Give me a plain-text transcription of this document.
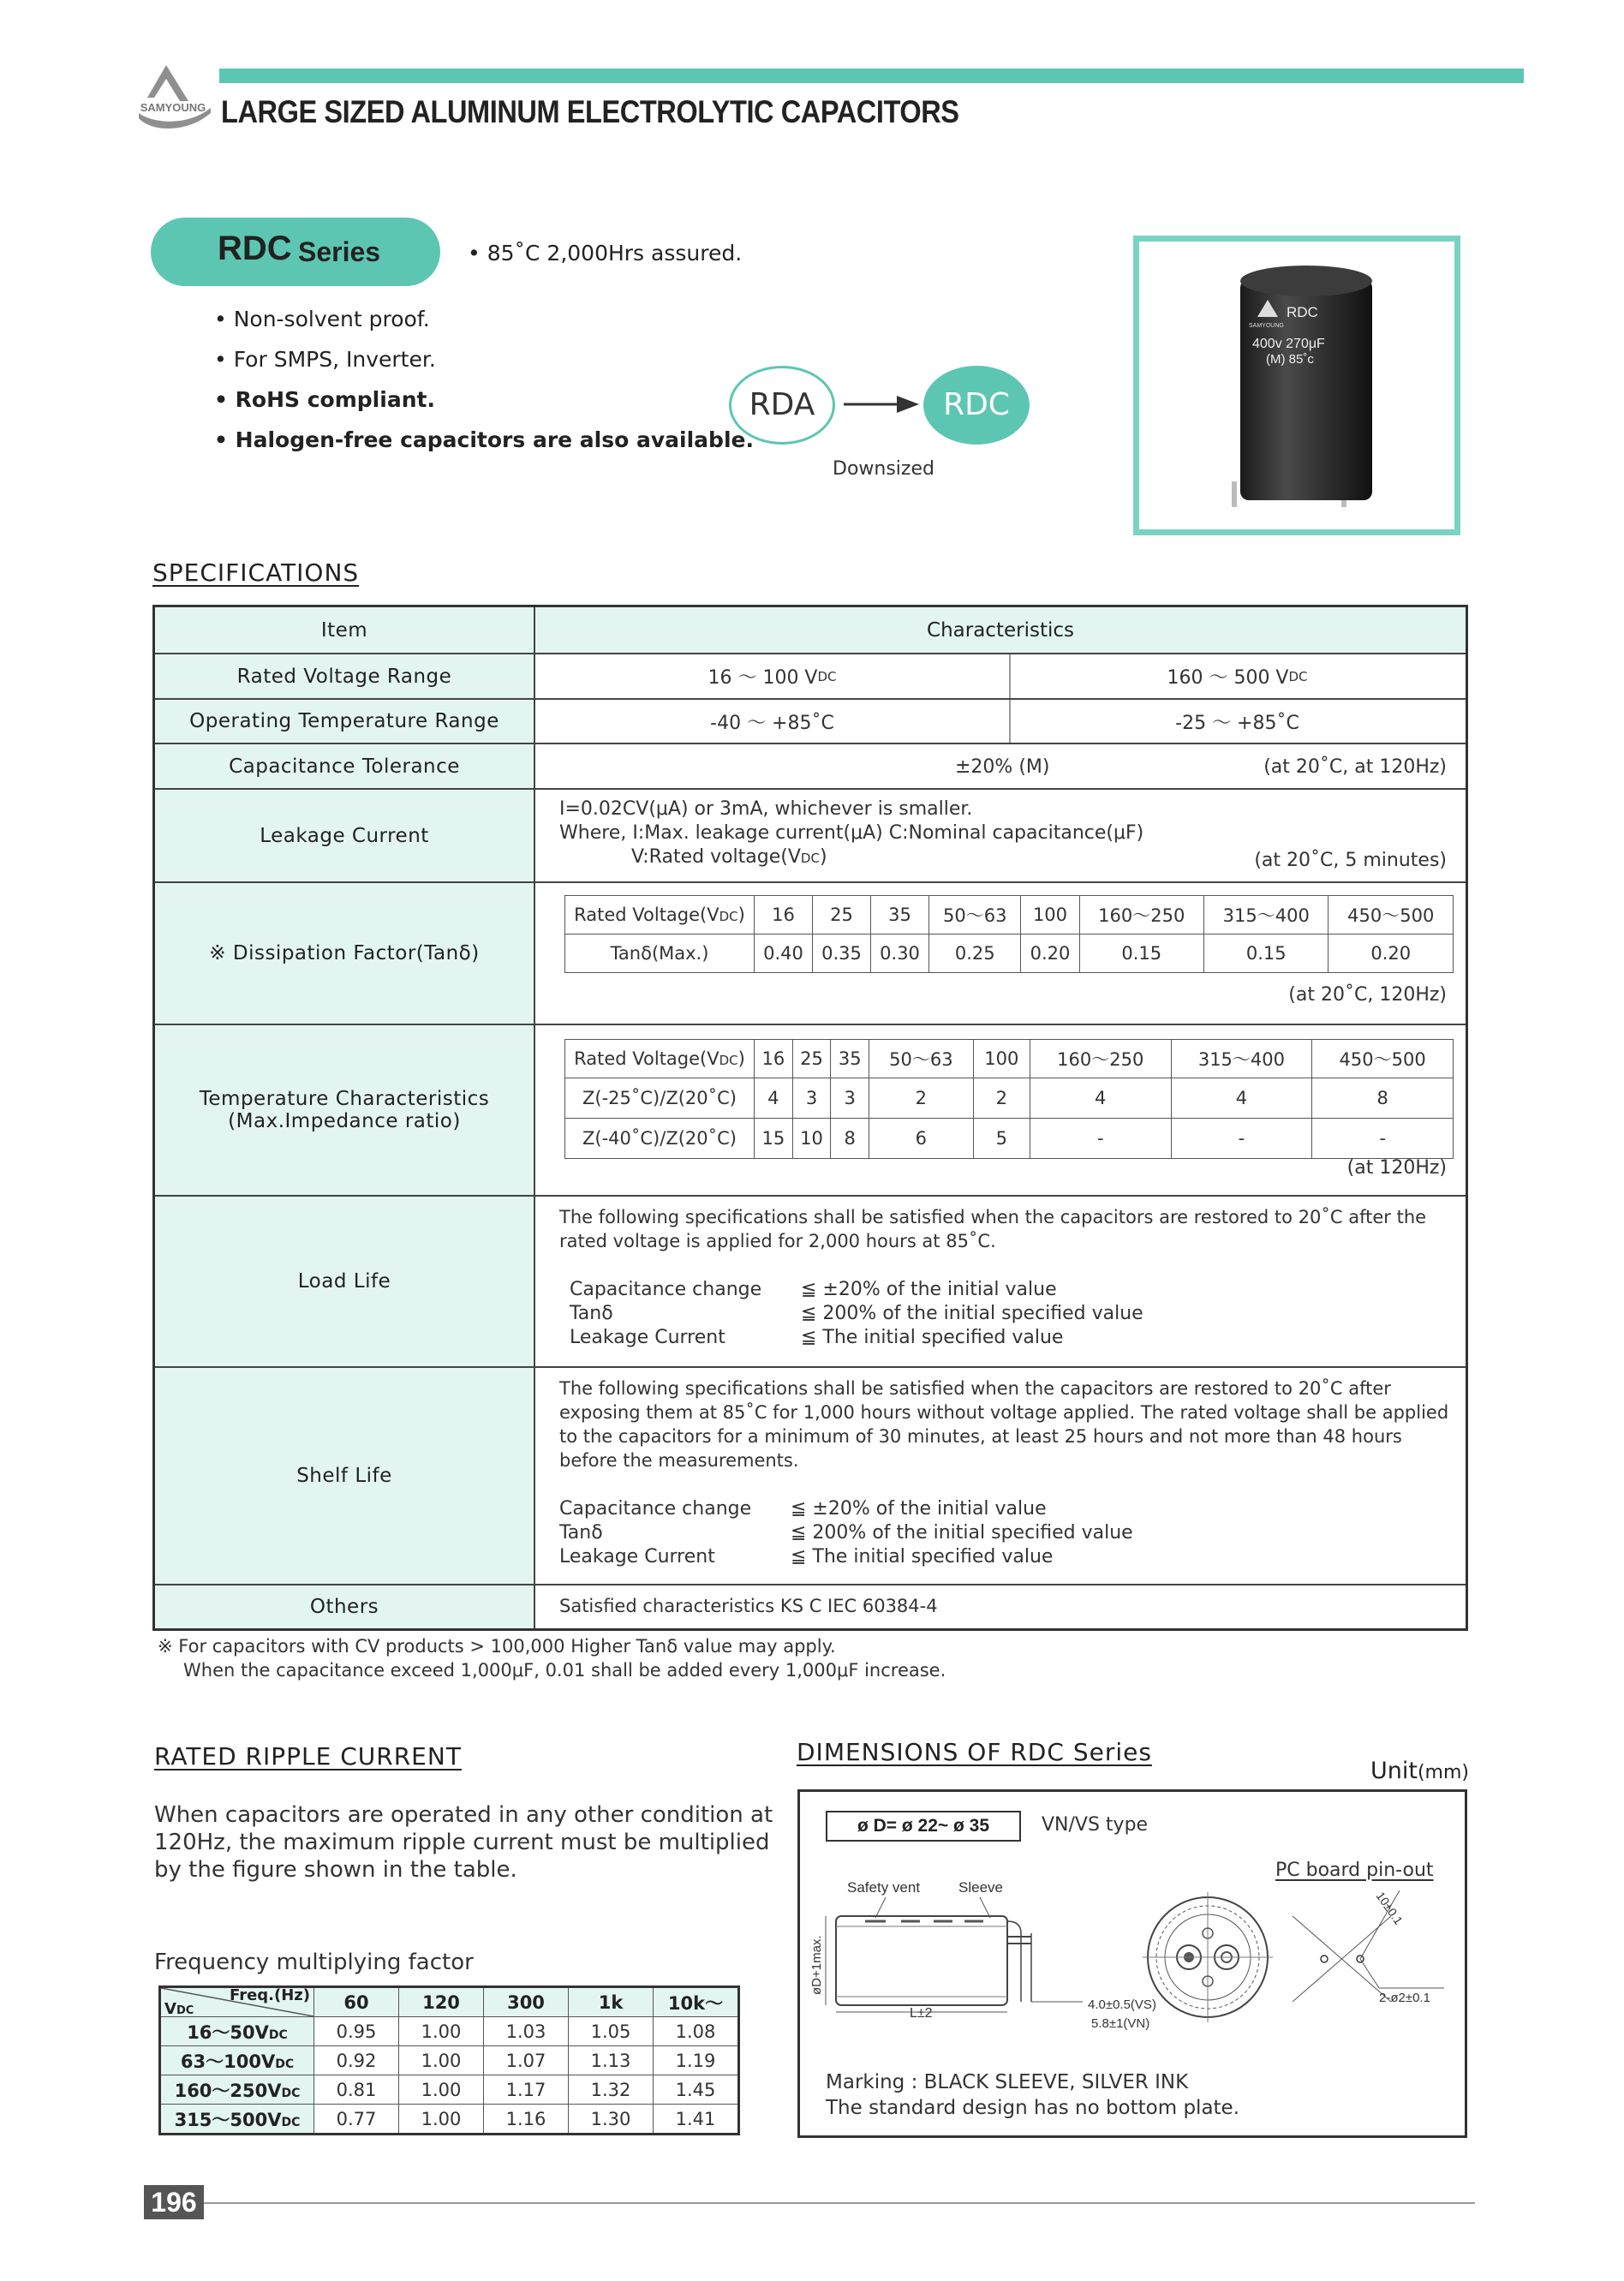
SAMYOUNG LARGE SIZED ALUMINUM ELECTROLYTIC CAPACITORS
RDC Series	• 85˚C 2,000Hrs assured.
• Non-solvent proof.
• For SMPS, Inverter.
• RoHS compliant.
• Halogen-free capacitors are also available.
RDA	RDC
Downsized
RDC
SAMYOUNG
400v 270μF
(M) 85˚c
SPECIFICATIONS
Item	Characteristics
Rated Voltage Range	16 ～ 100 V DC	160 ～ 500 V DC
Operating Temperature Range	-40 ～ +85˚C	-25 ～ +85˚C
Capacitance Tolerance	±20% (M)	(at 20˚C, at 120Hz)
Leakage Current
I=0.02CV(μA) or 3mA, whichever is smaller.
Where, I:Max. leakage current(μA) C:Nominal capacitance(μF)
V:Rated voltage(VDC)	(at 20˚C, 5 minutes)
※ Dissipation Factor(Tanδ)
Rated Voltage(VDC)	16	25	35	50～63	100	160～250	315～400	450～500
Tanδ(Max.)	0.40	0.35	0.30	0.25	0.20	0.15	0.15	0.20
(at 20˚C, 120Hz)
Temperature Characteristics
(Max.Impedance ratio)
Rated Voltage(VDC)	16	25	35	50～63	100	160～250	315～400	450～500
Z(-25˚C)/Z(20˚C)	4	3	3	2	2	4	4	8
Z(-40˚C)/Z(20˚C)	15	10	8	6	5	-	-	-
(at 120Hz)
Load Life
The following specifications shall be satisfied when the capacitors are restored to 20˚C after the
rated voltage is applied for 2,000 hours at 85˚C.
Capacitance change ≦ ±20% of the initial value
Tanδ	≦ 200% of the initial specified value
Leakage Current	≦ The initial specified value
Shelf Life
The following specifications shall be satisfied when the capacitors are restored to 20˚C after
exposing them at 85˚C for 1,000 hours without voltage applied. The rated voltage shall be applied
to the capacitors for a minimum of 30 minutes, at least 25 hours and not more than 48 hours
before the measurements.
Capacitance change ≦ ±20% of the initial value
Tanδ	≦ 200% of the initial specified value
Leakage Current	≦ The initial specified value
Others	Satisfied characteristics KS C IEC 60384-4
※ For capacitors with CV products > 100,000 Higher Tanδ value may apply.
When the capacitance exceed 1,000μF, 0.01 shall be added every 1,000μF increase.
RATED RIPPLE CURRENT
When capacitors are operated in any other condition at
120Hz, the maximum ripple current must be multiplied
by the figure shown in the table.
Frequency multiplying factor
Freq.(Hz)
VDC	60	120	300	1k	10k～
16～50VDC	0.95	1.00	1.03	1.05	1.08
63～100VDC	0.92	1.00	1.07	1.13	1.19
160～250VDC	0.81	1.00	1.17	1.32	1.45
315～500VDC	0.77	1.00	1.16	1.30	1.41
DIMENSIONS OF RDC Series
Unit(mm)
ø D= ø 22~ ø 35	VN/VS type
PC board pin-out
Safety vent	Sleeve
øD+1max.
L±2
4.0±0.5(VS)
5.8±1(VN)
10±0.1
2-ø2±0.1
Marking : BLACK SLEEVE, SILVER INK
The standard design has no bottom plate.
196
